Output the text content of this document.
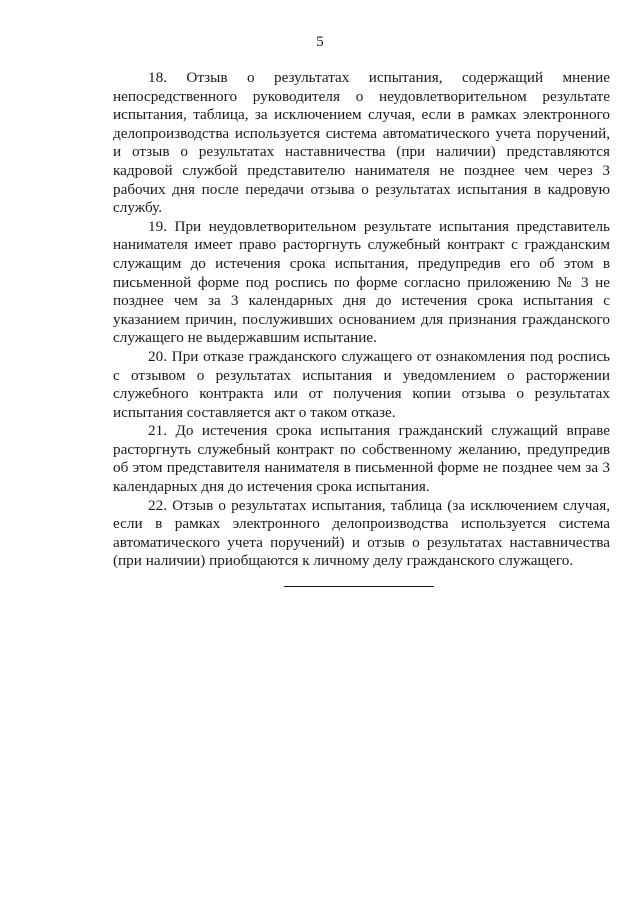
5

18. Отзыв о результатах испытания, содержащий мнение непосредственного руководителя о неудовлетворительном результате испытания, таблица, за исключением случая, если в рамках электронного делопроизводства используется система автоматического учета поручений, и отзыв о результатах наставничества (при наличии) представляются кадровой службой представителю нанимателя не позднее чем через 3 рабочих дня после передачи отзыва о результатах испытания в кадровую службу.

19. При неудовлетворительном результате испытания представитель нанимателя имеет право расторгнуть служебный контракт с гражданским служащим до истечения срока испытания, предупредив его об этом в письменной форме под роспись по форме согласно приложению № 3 не позднее чем за 3 календарных дня до истечения срока испытания с указанием причин, послуживших основанием для признания гражданского служащего не выдержавшим испытание.

20. При отказе гражданского служащего от ознакомления под роспись с отзывом о результатах испытания и уведомлением о расторжении служебного контракта или от получения копии отзыва о результатах испытания составляется акт о таком отказе.

21. До истечения срока испытания гражданский служащий вправе расторгнуть служебный контракт по собственному желанию, предупредив об этом представителя нанимателя в письменной форме не позднее чем за 3 календарных дня до истечения срока испытания.

22. Отзыв о результатах испытания, таблица (за исключением случая, если в рамках электронного делопроизводства используется система автоматического учета поручений) и отзыв о результатах наставничества (при наличии) приобщаются к личному делу гражданского служащего.
